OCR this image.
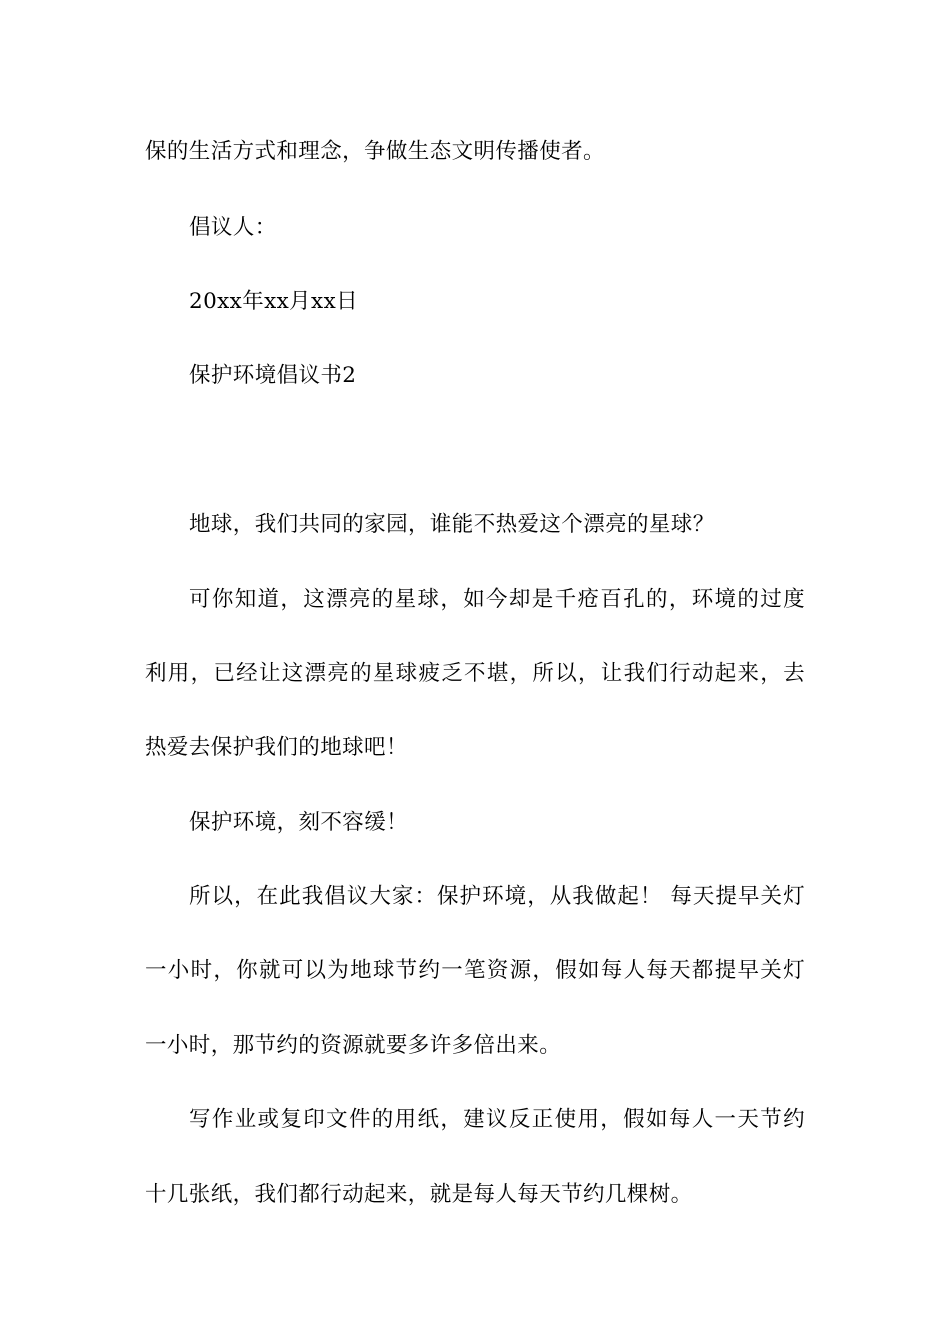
保的生活方式和理念，争做生态文明传播使者。
倡议人：
20xx年xx月xx日
保护环境倡议书2
地球，我们共同的家园，谁能不热爱这个漂亮的星球？
可你知道，这漂亮的星球，如今却是千疮百孔的，环境的过度
利用，已经让这漂亮的星球疲乏不堪，所以，让我们行动起来，去
热爱去保护我们的地球吧！
保护环境，刻不容缓！
所以，在此我倡议大家：保护环境，从我做起！ 每天提早关灯
一小时，你就可以为地球节约一笔资源，假如每人每天都提早关灯
一小时，那节约的资源就要多许多倍出来。
写作业或复印文件的用纸，建议反正使用，假如每人一天节约
十几张纸，我们都行动起来，就是每人每天节约几棵树。
